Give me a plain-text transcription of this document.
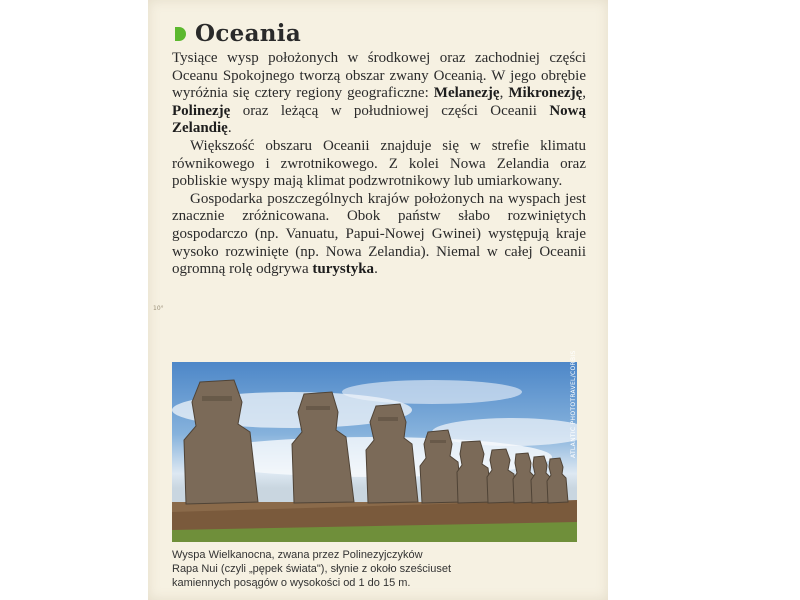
10°
Oceania

Tysiące wysp położonych w środkowej oraz zachodniej części Oceanu Spokojnego tworzą obszar zwany Oceanią. W jego obrębie wyróżnia się cztery regiony geograficzne: Melanezję, Mikronezję, Polinezję oraz leżącą w południowej części Oceanii Nową Zelandię.

Większość obszaru Oceanii znajduje się w strefie klimatu równikowego i zwrotnikowego. Z kolei Nowa Zelandia oraz pobliskie wyspy mają klimat podzwrotnikowy lub umiarkowany.

Gospodarka poszczególnych krajów położonych na wyspach jest znacznie zróżnicowana. Obok państw słabo rozwiniętych gospodarczo (np. Vanuatu, Papui-Nowej Gwinei) występują kraje wysoko rozwinięte (np. Nowa Zelandia). Niemal w całej Oceanii ogromną rolę odgrywa turystyka.

ATLANTIC PHOTOTRAVEL/CORBIS
Wyspa Wielkanocna, zwana przez Polinezyjczyków
Rapa Nui (czyli „pępek świata"), słynie z około sześciuset
kamiennych posągów o wysokości od 1 do 15 m.
